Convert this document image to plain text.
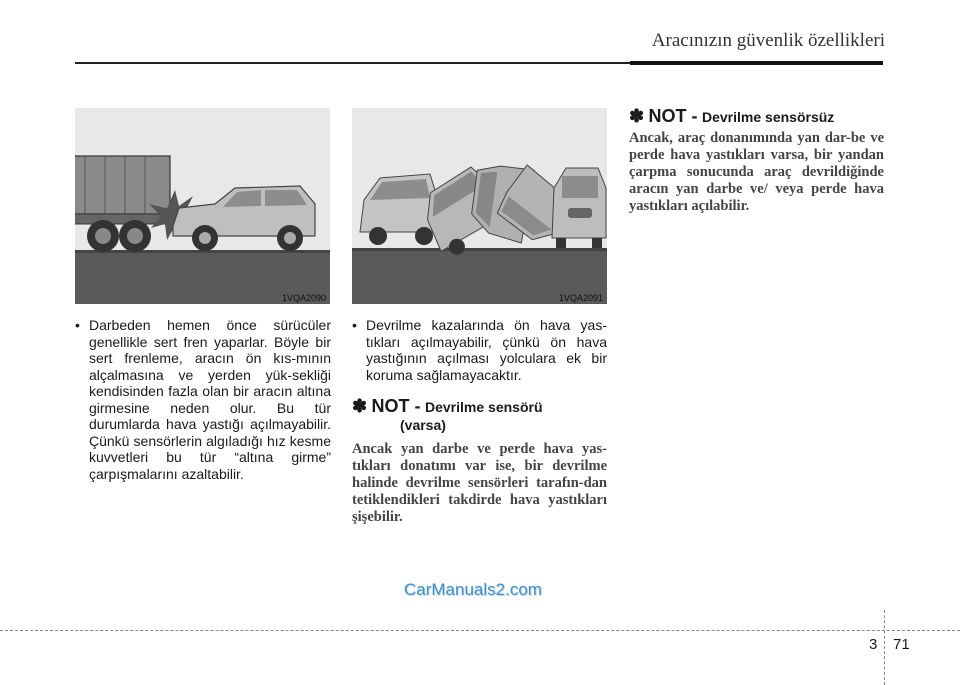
Aracınızın güvenlik özellikleri
1VQA2090	1VQA2091
• Darbeden hemen önce sürücüler genellikle sert fren yaparlar. Böyle bir sert frenleme, aracın ön kıs-mının alçalmasına ve yerden yük-sekliği kendisinden fazla olan bir aracın altına girmesine neden olur. Bu tür durumlarda hava yastığı açılmayabilir. Çünkü sensörlerin algıladığı hız kesme kuvvetleri bu tür “altına girme” çarpışmalarını azaltabilir.
• Devrilme kazalarında ön hava yas-tıkları açılmayabilir, çünkü ön hava yastığının açılması yolculara ek bir koruma sağlamayacaktır.
✽ NOT - Devrilme sensörü
(varsa)
Ancak yan darbe ve perde hava yas-tıkları donatımı var ise, bir devrilme halinde devrilme sensörleri tarafın-dan tetiklendikleri takdirde hava yastıkları şişebilir.
✽ NOT - Devrilme sensörsüz
Ancak, araç donanımında yan dar-be ve perde hava yastıkları varsa, bir yandan çarpma sonucunda araç devrildiğinde aracın yan darbe ve/ veya perde hava yastıkları açılabilir.
CarManuals2.com
3 71
